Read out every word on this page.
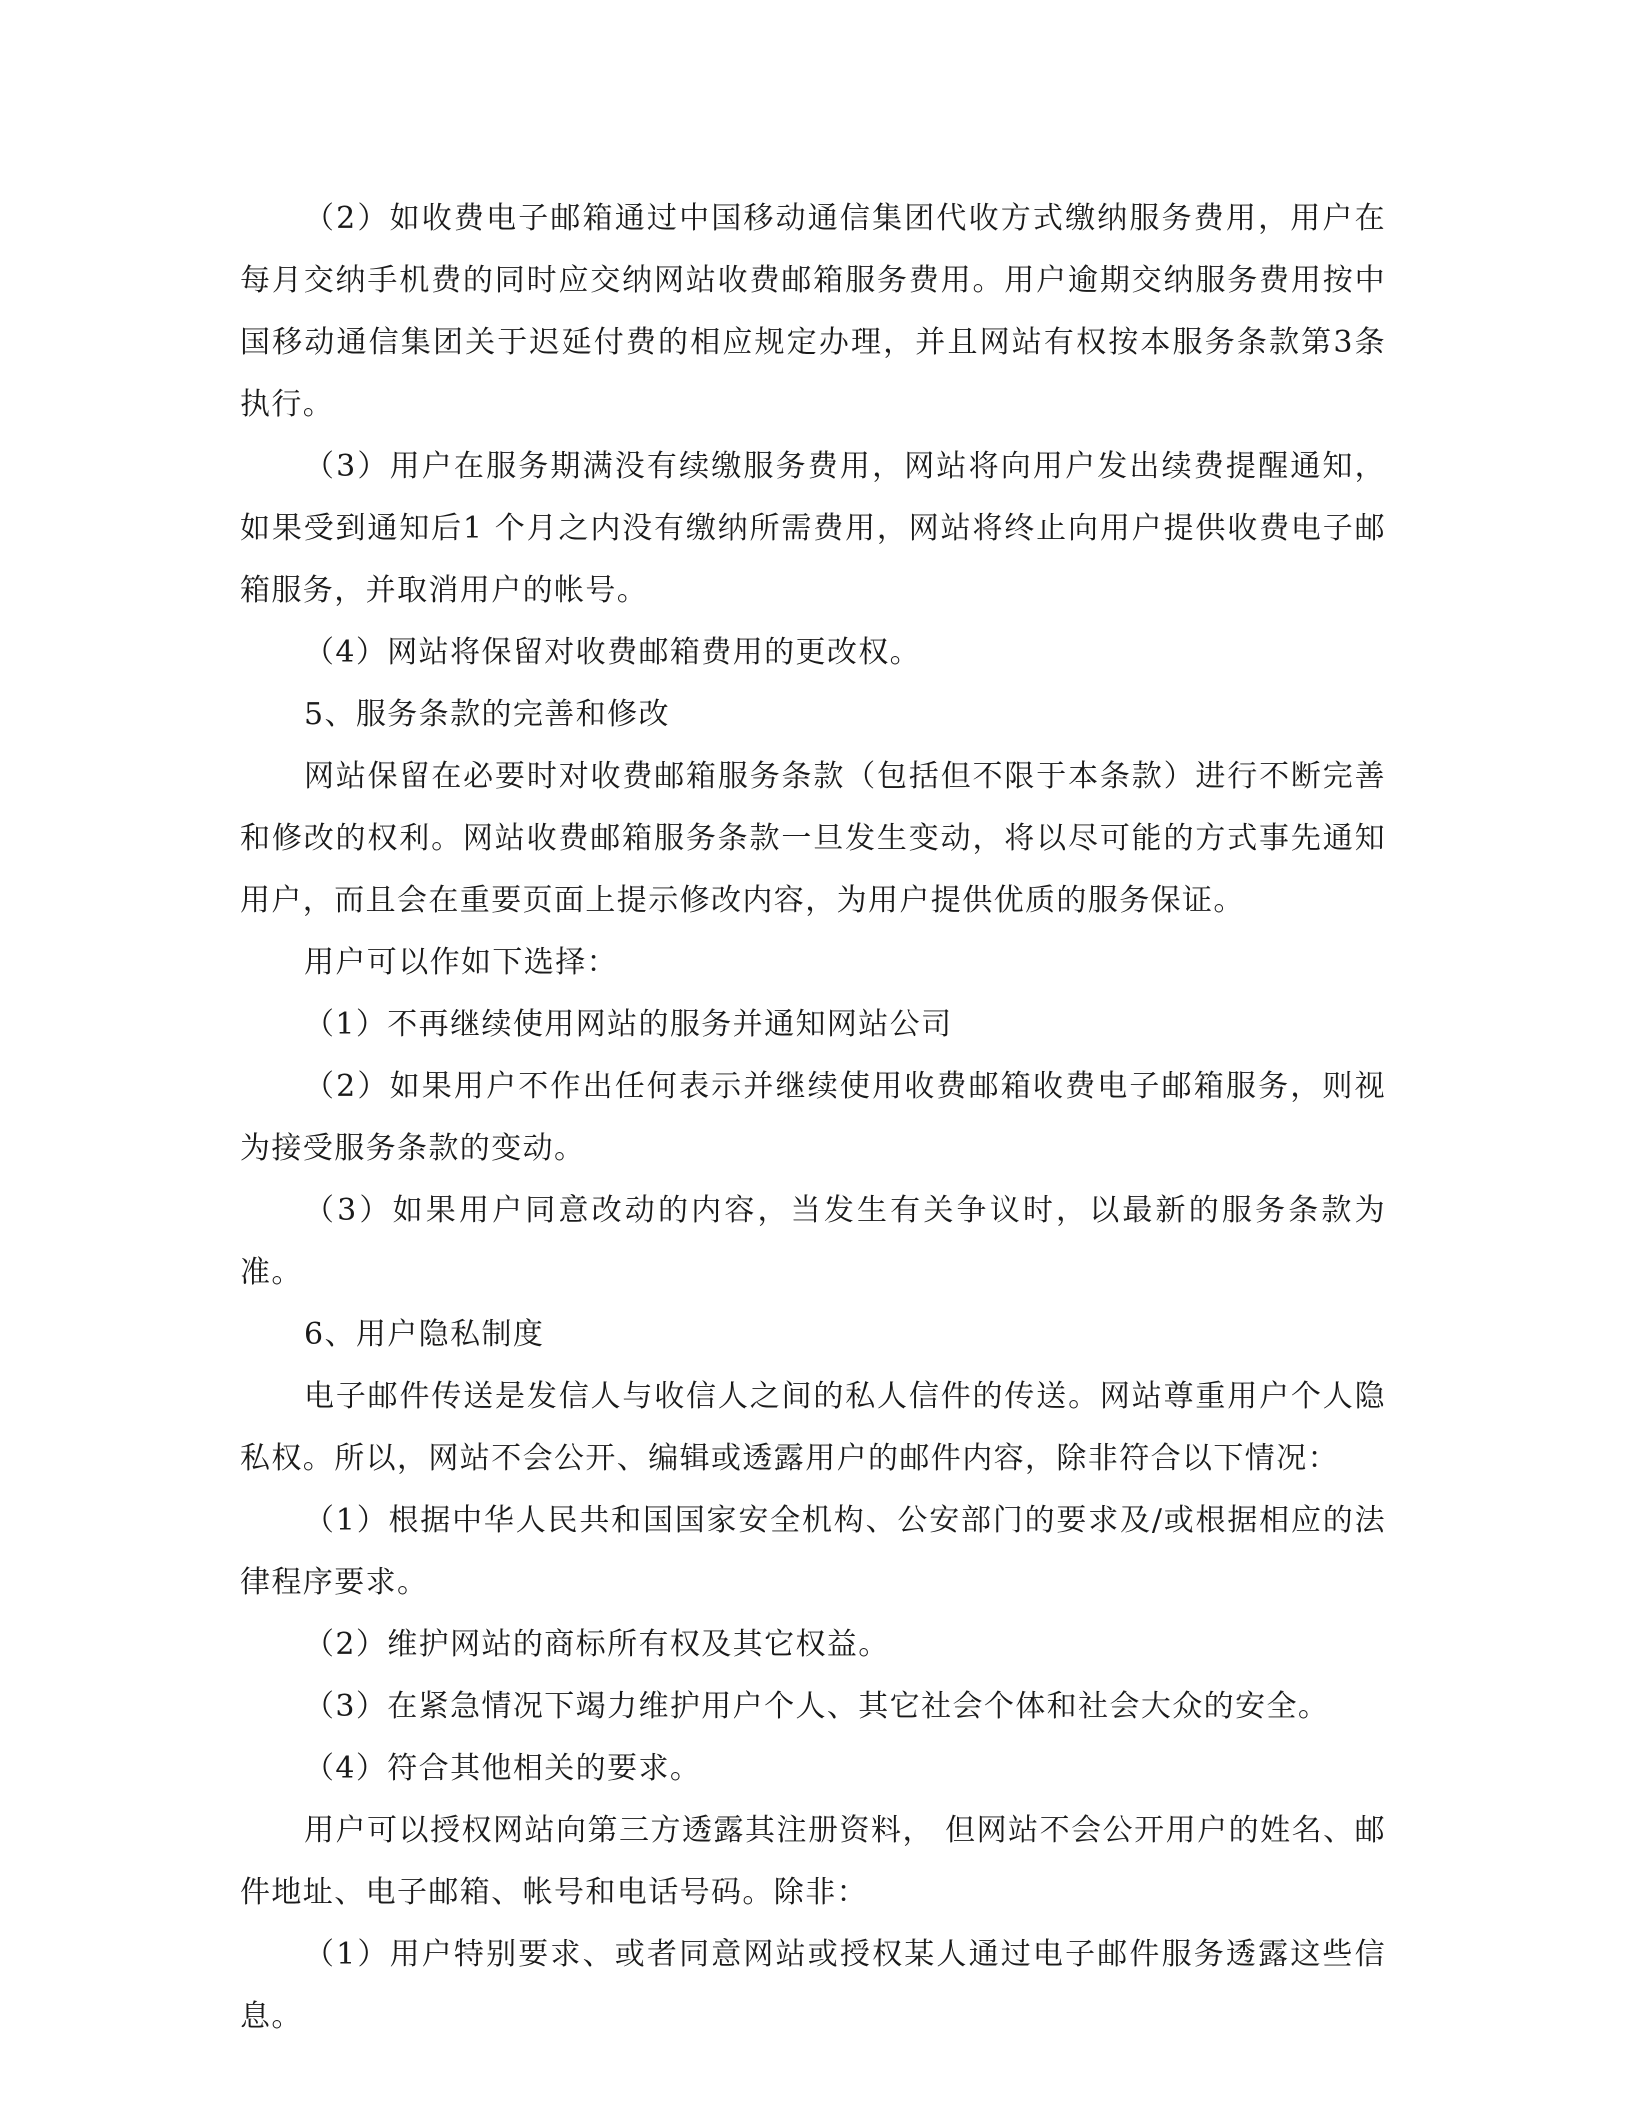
（2）如收费电子邮箱通过中国移动通信集团代收方式缴纳服务费用，用户在每月交纳手机费的同时应交纳网站收费邮箱服务费用。用户逾期交纳服务费用按中国移动通信集团关于迟延付费的相应规定办理，并且网站有权按本服务条款第3条执行。

（3）用户在服务期满没有续缴服务费用，网站将向用户发出续费提醒通知， 如果受到通知后1 个月之内没有缴纳所需费用，网站将终止向用户提供收费电子邮箱服务，并取消用户的帐号。

（4）网站将保留对收费邮箱费用的更改权。

5、服务条款的完善和修改

网站保留在必要时对收费邮箱服务条款（包括但不限于本条款）进行不断完善和修改的权利。网站收费邮箱服务条款一旦发生变动，将以尽可能的方式事先通知用户，而且会在重要页面上提示修改内容，为用户提供优质的服务保证。

用户可以作如下选择：

（1）不再继续使用网站的服务并通知网站公司

（2）如果用户不作出任何表示并继续使用收费邮箱收费电子邮箱服务，则视为接受服务条款的变动。

（3）如果用户同意改动的内容，当发生有关争议时，以最新的服务条款为准。

6、用户隐私制度

电子邮件传送是发信人与收信人之间的私人信件的传送。网站尊重用户个人隐私权。所以，网站不会公开、编辑或透露用户的邮件内容，除非符合以下情况：

（1）根据中华人民共和国国家安全机构、公安部门的要求及/或根据相应的法律程序要求。

（2）维护网站的商标所有权及其它权益。

（3）在紧急情况下竭力维护用户个人、其它社会个体和社会大众的安全。

（4）符合其他相关的要求。

用户可以授权网站向第三方透露其注册资料， 但网站不会公开用户的姓名、邮件地址、电子邮箱、帐号和电话号码。除非：

（1）用户特别要求、或者同意网站或授权某人通过电子邮件服务透露这些信息。
